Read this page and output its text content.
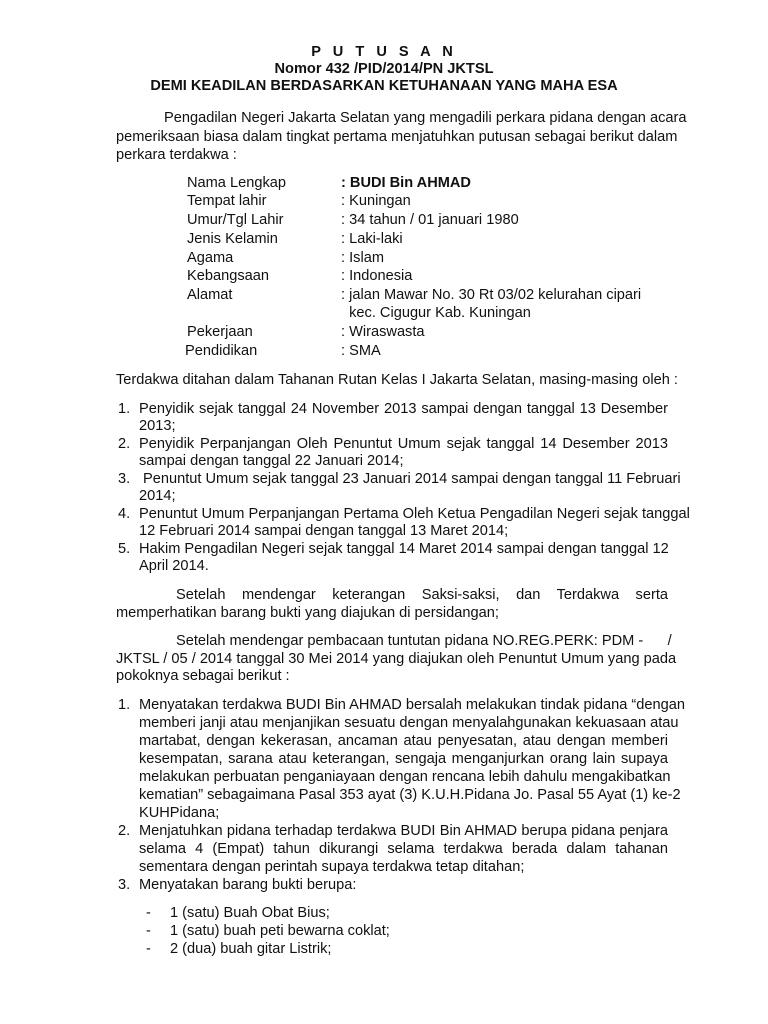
P U T U S A N
Nomor 432 /PID/2014/PN JKTSL
DEMI KEADILAN BERDASARKAN KETUHANAAN YANG MAHA ESA
Pengadilan Negeri Jakarta Selatan yang mengadili perkara pidana dengan acara
pemeriksaan biasa dalam tingkat pertama menjatuhkan putusan sebagai berikut dalam
perkara terdakwa :
Nama Lengkap	: BUDI Bin AHMAD
Tempat lahir	: Kuningan
Umur/Tgl Lahir	: 34 tahun / 01 januari 1980
Jenis Kelamin	: Laki-laki
Agama	: Islam
Kebangsaan	: Indonesia
Alamat	: jalan Mawar No. 30 Rt 03/02 kelurahan cipari
kec. Cigugur Kab. Kuningan
Pekerjaan	: Wiraswasta
Pendidikan	: SMA
Terdakwa ditahan dalam Tahanan Rutan Kelas I Jakarta Selatan, masing-masing oleh :
1. Penyidik sejak tanggal 24 November 2013 sampai dengan tanggal 13 Desember
2013;
2. Penyidik Perpanjangan Oleh Penuntut Umum sejak tanggal 14 Desember 2013
sampai dengan tanggal 22 Januari 2014;
3. Penuntut Umum sejak tanggal 23 Januari 2014 sampai dengan tanggal 11 Februari
2014;
4. Penuntut Umum Perpanjangan Pertama Oleh Ketua Pengadilan Negeri sejak tanggal
12 Februari 2014 sampai dengan tanggal 13 Maret 2014;
5. Hakim Pengadilan Negeri sejak tanggal 14 Maret 2014 sampai dengan tanggal 12
April 2014.
Setelah mendengar keterangan Saksi-saksi, dan Terdakwa serta
memperhatikan barang bukti yang diajukan di persidangan;
Setelah mendengar pembacaan tuntutan pidana NO.REG.PERK: PDM -      /
JKTSL / 05 / 2014 tanggal 30 Mei 2014 yang diajukan oleh Penuntut Umum yang pada
pokoknya sebagai berikut :
1. Menyatakan terdakwa BUDI Bin AHMAD bersalah melakukan tindak pidana “dengan
memberi janji atau menjanjikan sesuatu dengan menyalahgunakan kekuasaan atau
martabat, dengan kekerasan, ancaman atau penyesatan, atau dengan memberi
kesempatan, sarana atau keterangan, sengaja menganjurkan orang lain supaya
melakukan perbuatan penganiayaan dengan rencana lebih dahulu mengakibatkan
kematian” sebagaimana Pasal 353 ayat (3) K.U.H.Pidana Jo. Pasal 55 Ayat (1) ke-2
KUHPidana;
2. Menjatuhkan pidana terhadap terdakwa BUDI Bin AHMAD berupa pidana penjara
selama 4 (Empat) tahun dikurangi selama terdakwa berada dalam tahanan
sementara dengan perintah supaya terdakwa tetap ditahan;
3. Menyatakan barang bukti berupa:
- 1 (satu) Buah Obat Bius;
- 1 (satu) buah peti bewarna coklat;
- 2 (dua) buah gitar Listrik;
